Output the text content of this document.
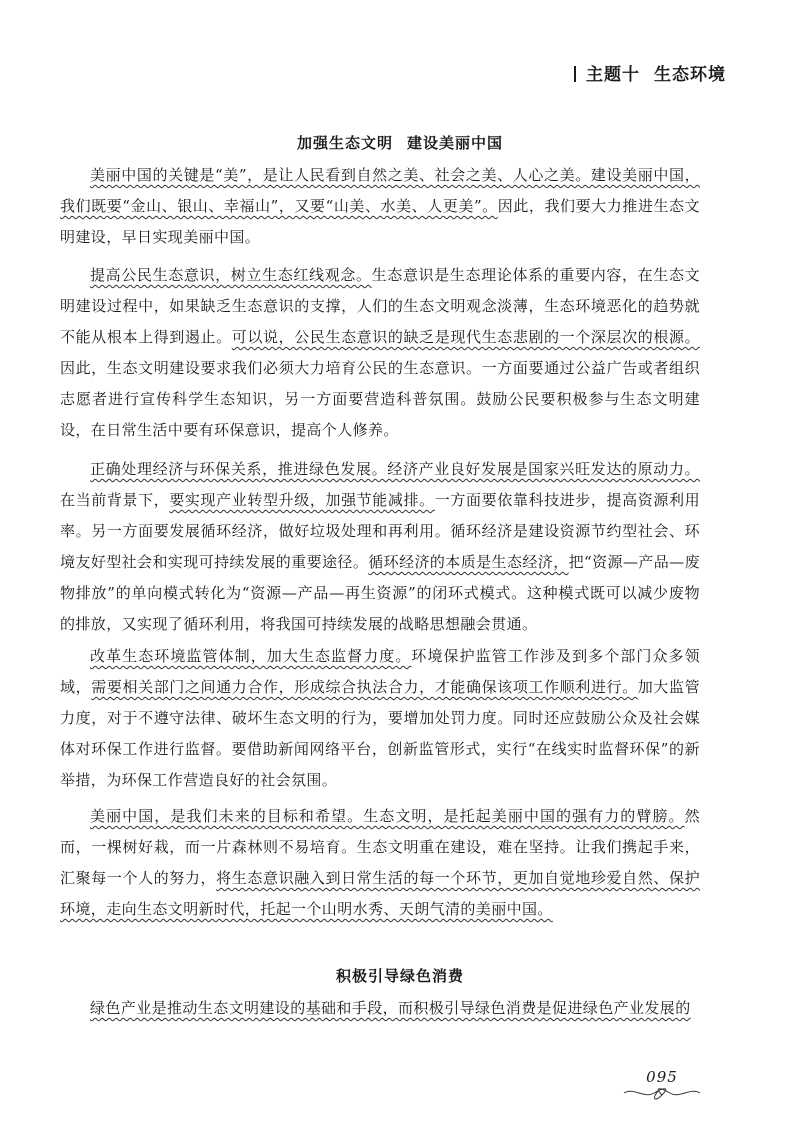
主题十 生态环境
加强生态文明 建设美丽中国

美丽中国的关键是“美”，是让人民看到自然之美、社会之美、人心之美。建设美丽中国，我们既要“金山、银山、幸福山”，又要“山美、水美、人更美”。因此，我们要大力推进生态文明建设，早日实现美丽中国。

提高公民生态意识，树立生态红线观念。生态意识是生态理论体系的重要内容，在生态文明建设过程中，如果缺乏生态意识的支撑，人们的生态文明观念淡薄，生态环境恶化的趋势就不能从根本上得到遏止。可以说，公民生态意识的缺乏是现代生态悲剧的一个深层次的根源。因此，生态文明建设要求我们必须大力培育公民的生态意识。一方面要通过公益广告或者组织志愿者进行宣传科学生态知识，另一方面要营造科普氛围。鼓励公民要积极参与生态文明建设，在日常生活中要有环保意识，提高个人修养。

正确处理经济与环保关系，推进绿色发展。经济产业良好发展是国家兴旺发达的原动力。在当前背景下，要实现产业转型升级，加强节能减排。一方面要依靠科技进步，提高资源利用率。另一方面要发展循环经济，做好垃圾处理和再利用。循环经济是建设资源节约型社会、环境友好型社会和实现可持续发展的重要途径。循环经济的本质是生态经济，把“资源—产品—废物排放”的单向模式转化为“资源—产品—再生资源”的闭环式模式。这种模式既可以减少废物的排放，又实现了循环利用，将我国可持续发展的战略思想融会贯通。

改革生态环境监管体制，加大生态监督力度。环境保护监管工作涉及到多个部门众多领域，需要相关部门之间通力合作，形成综合执法合力，才能确保该项工作顺利进行。加大监管力度，对于不遵守法律、破坏生态文明的行为，要增加处罚力度。同时还应鼓励公众及社会媒体对环保工作进行监督。要借助新闻网络平台，创新监管形式，实行“在线实时监督环保”的新举措，为环保工作营造良好的社会氛围。

美丽中国，是我们未来的目标和希望。生态文明，是托起美丽中国的强有力的臂膀。然而，一棵树好栽，而一片森林则不易培育。生态文明重在建设，难在坚持。让我们携起手来，汇聚每一个人的努力，将生态意识融入到日常生活的每一个环节，更加自觉地珍爱自然、保护环境，走向生态文明新时代，托起一个山明水秀、天朗气清的美丽中国。

积极引导绿色消费

绿色产业是推动生态文明建设的基础和手段，而积极引导绿色消费是促进绿色产业发展的

095
